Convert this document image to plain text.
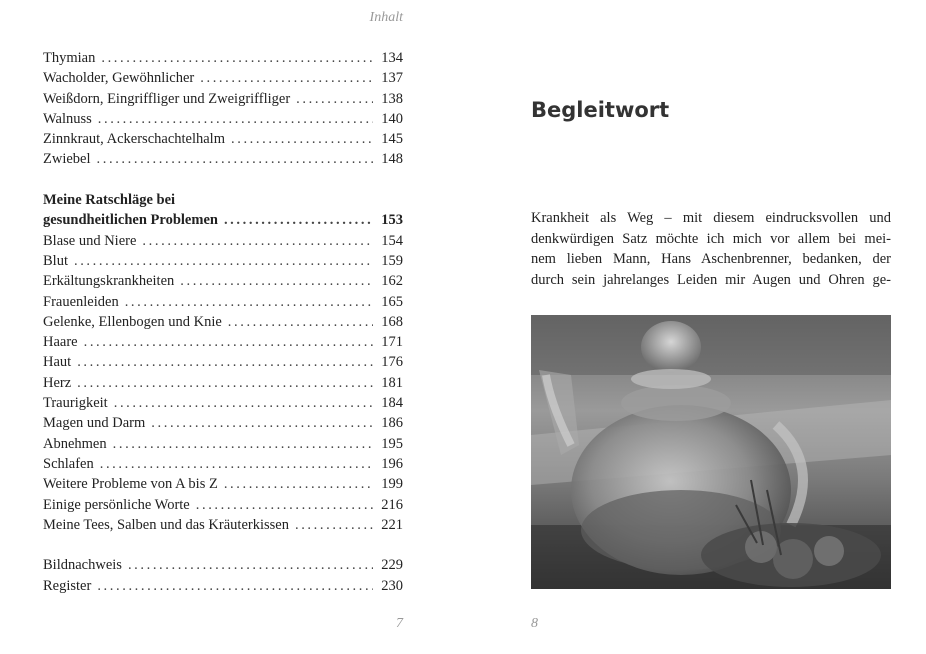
Inhalt
Thymian .....	134
Wacholder, Gewöhnlicher .....	137
Weißdorn, Eingriffliger und Zweigriffliger .....	138
Walnuss .....	140
Zinnkraut, Ackerschachtelhalm .....	145
Zwiebel .....	148
Meine Ratschläge bei
gesundheitlichen Problemen .....	153
Blase und Niere .....	154
Blut .....	159
Erkältungskrankheiten .....	162
Frauenleiden .....	165
Gelenke, Ellenbogen und Knie .....	168
Haare .....	171
Haut .....	176
Herz .....	181
Traurigkeit .....	184
Magen und Darm .....	186
Abnehmen .....	195
Schlafen .....	196
Weitere Probleme von A bis Z .....	199
Einige persönliche Worte .....	216
Meine Tees, Salben und das Kräuterkissen .....	221
Bildnachweis .....	229
Register .....	230
7
Begleitwort
Krankheit als Weg – mit diesem eindrucksvollen und
denkwürdigen Satz möchte ich mich vor allem bei mei-
nem lieben Mann, Hans Aschenbrenner, bedanken, der
durch sein jahrelanges Leiden mir Augen und Ohren ge-
8
